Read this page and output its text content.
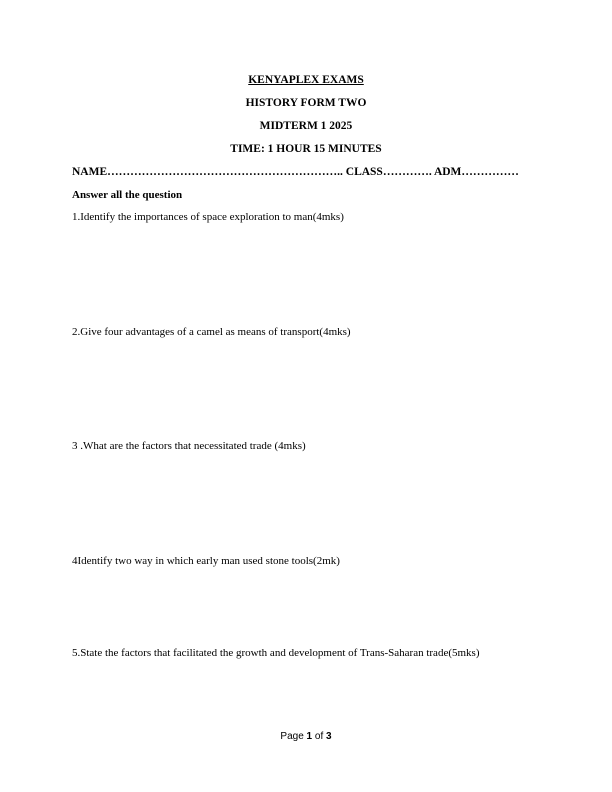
KENYAPLEX EXAMS
HISTORY FORM TWO
MIDTERM 1 2025
TIME: 1 HOUR 15 MINUTES
NAME…………………………………………………….. CLASS…………. ADM……………
Answer all the question
1.Identify the importances of space exploration to man(4mks)
2.Give four advantages of a camel as means of transport(4mks)
3 .What are the factors that necessitated trade (4mks)
4Identify two way in which early man used stone tools(2mk)
5.State the factors that facilitated the growth and development of Trans-Saharan trade(5mks)
Page 1 of 3
